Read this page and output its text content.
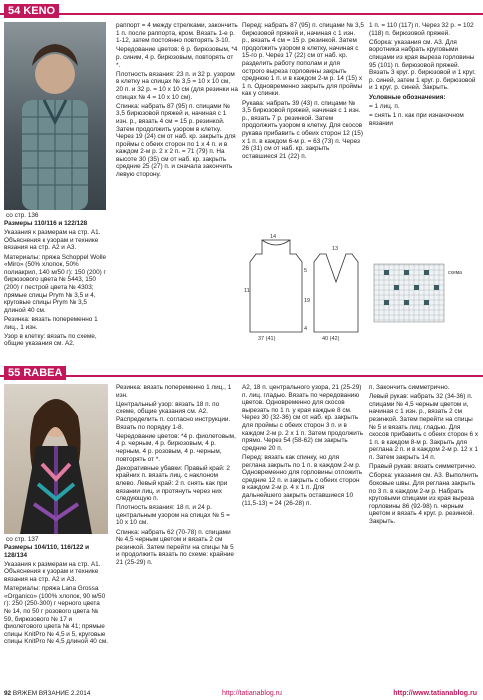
54 KENO
со стр. 136

Размеры 110/116 и 122/128

Указания к размерам на стр. А1. Объяснения к узорам и технике вязания на стр. А2 и А3.

Материалы: пряжа Schoppel Wolle «Miro» (50% хлопок, 50% полиакрил, 140 м/50 г): 150 (200) г бирюзового цвета № 5443, 150 (200) г пестрой цвета № 4303; прямые спицы Prym № 3,5 и 4, круговые спицы Prym № 3,5 длиной 40 см.

Резинка: вязать попеременно 1 лиц., 1 изн.

Узор в клетку: вязать по схеме, общие указания см. А2.

раппорт = 4 между стрелками, закончить 1 п. после раппорта, кром. Вязать 1-е р. 1-12, затем постоянно повторять 3-10.

Чередование цветов: 6 р. бирюзовым, *4 р. синим, 4 р. бирюзовым, повторять от *.

Плотность вязания: 23 п. и 32 р. узором в клетку на спицах № 3,5 = 10 х 10 см, 20 п. и 32 р. = 10 х 10 см (для резинки на спицах № 4 = 10 х 10 см).

Спинка: набрать 87 (95) п. спицами № 3,5 бирюзовой пряжей и, начиная с 1 изн. р., вязать 4 см = 15 р. резинкой. Затем продолжить узором в клетку. Через 19 (24) см от наб. кр. закрыть для проймы с обеих сторон по 1 х 4 п. и в каждом 2-м р. 2 х 2 п. = 71 (79) п. На высоте 30 (35) см от наб. кр. закрыть средние 25 (27) п. и сначала закончить левую сторону.

Перед: набрать 87 (95) п. спицами № 3,5 бирюзовой пряжей и, начиная с 1 изн. р., вязать 4 см = 15 р. резинкой. Затем продолжить узором в клетку, начиная с 15-го р. Через 17 (22) см от наб. кр. разделить работу пополам и для острого выреза горловины закрыть среднюю 1 п. и в каждом 2-м р. 14 (15) х 1 п. Одновременно закрыть для проймы как у спинки.

Рукава: набрать 39 (43) п. спицами № 3,5 бирюзовой пряжей, начиная с 1 изн. р., вязать 7 р. резинкой. Затем продолжить узором в клетку. Для скосов рукава прибавить с обеих сторон 12 (15) х 1 п. в каждом 6-м р. = 63 (73) п. Через 26 (31) см от наб. кр. закрыть оставшиеся 21 (22) п.

14
11
5
4
19
37 (41)	40 (42)
13

1 п. = 110 (117) п. Через 32 р. = 102 (118) п. бирюзовой пряжей.

Сборка: указания см. А3. Для воротника набрать круговыми спицами из края выреза горловины 95 (101) п. бирюзовой пряжей. Вязать 3 круг. р. бирюзовой и 1 круг. р. синей, затем 1 круг. р. бирюзовой и 1 круг. р. синей. Закрыть.

Условные обозначения:

= 1 лиц. п.

= снять 1 п. как при изнаночном вязании

схема
55 RABEA
со стр. 137

Размеры 104/110, 116/122 и 128/134

Указания к размерам на стр. А1. Объяснения к узорам и технике вязания на стр. А2 и А3.

Материалы: пряжа Lana Grossa «Organico» (100% хлопок, 90 м/50 г): 250 (250-300) г черного цвета № 14, по 50 г розового цвета № 59, бирюзового № 17 и фиолетового цвета № 41; прямые спицы KnitPro № 4,5 и 5, круговые спицы KnitPro № 4,5 длиной 40 см.

Резинка: вязать попеременно 1 лиц., 1 изн.

Центральный узор: вязать 18 п. по схеме, общие указания см. А2. Распределить п. согласно инструкции. Вязать по порядку 1-8.

Чередование цветов: *4 р. фиолетовым, 4 р. черным, 4 р. бирюзовым, 4 р. черным, 4 р. розовым, 4 р. черным, повторять от *.

Декоративные убавки: Правый край: 2 крайних п. вязать лиц. с наклоном влево. Левый край: 2 п. снять как при вязании лиц. и протянуть через них следующую п.

Плотность вязания: 18 п. и 24 р. центральным узором на спицах № 5 = 10 х 10 см.

Спинка: набрать 62 (70-78) п. спицами № 4,5 черным цветом и вязать 2 см резинкой. Затем перейти на спицы № 5 и продолжить вязать по схеме: крайние 21 (25-29) п.

А2, 18 п. центрального узора, 21 (25-29) п. лиц. гладью. Вязать по чередованию цветов. Одновременно для скосов вырезать по 1 п. у края каждые 8 см. Через 30 (32-36) см от наб. кр. закрыть для проймы с обеих сторон 3 п. и в каждом 2-м р. 2 х 1 п. Затем продолжить прямо. Через 54 (58-62) см закрыть средние 20 п.

Перед: вязать как спинку, но для реглана закрыть по 1 п. в каждом 2-м р. Одновременно для горловины отложить средние 12 п. и закрыть с обеих сторон в каждом 2-м р. 4 х 1 п. Для дальнейшего закрыть оставшиеся 10 (11,5-13) = 24 (26-28) п.

п. Закончить симметрично.

Левый рукав: набрать 32 (34-36) п. спицами № 4,5 черным цветом и, начиная с 1 изн. р., вязать 2 см резинкой. Затем перейти на спицы № 5 и вязать лиц. гладью. Для скосов прибавить с обеих сторон 6 х 1 п. в каждом 8-м р. Закрыть для реглана 2 п. и в каждом 2-м р. 12 х 1 п. Затем закрыть 14 п.

Правый рукав: вязать симметрично.

Сборка: указания см. А3. Выполнить боковые швы. Для реглана закрыть по 3 п. в каждом 2-м р. Набрать круговыми спицами из края выреза горловины 86 (92-98) п. черным цветом и вязать 4 круг. р. резинкой. Закрыть.

92 ВЯЖЕМ ВЯЗАНИЕ 2.2014	http://tatianablog.ru	http://www.tatianablog.ru
